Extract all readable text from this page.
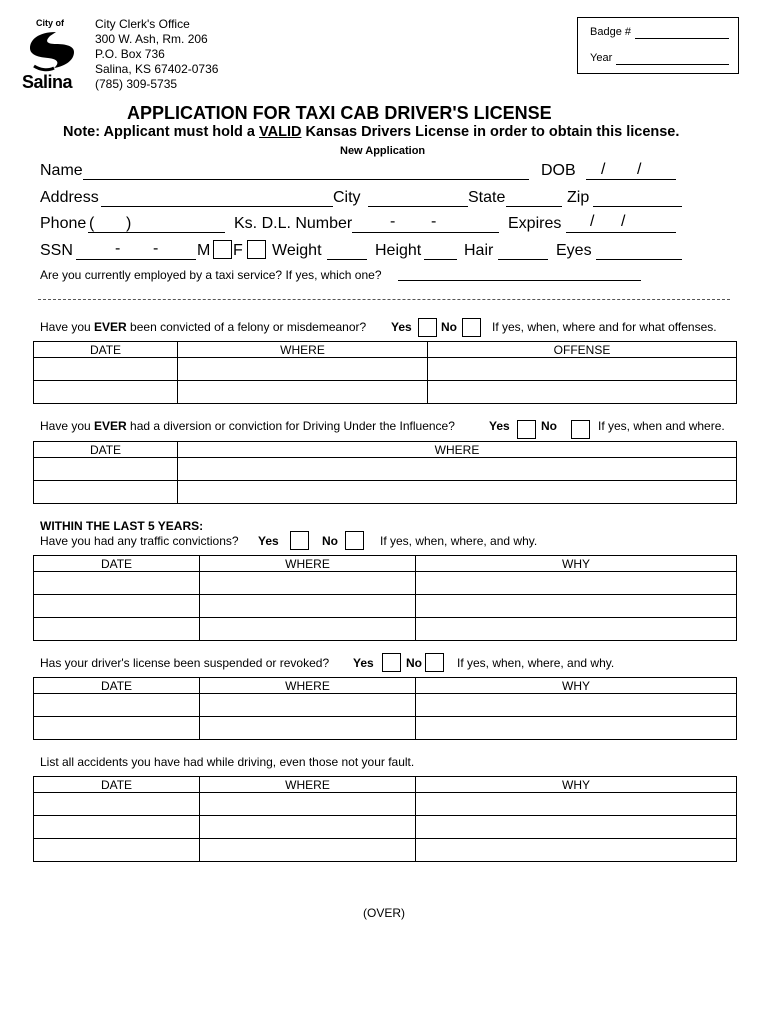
City of
Salina
City Clerk's Office
300 W. Ash, Rm. 206
P.O. Box 736
Salina, KS 67402-0736
(785) 309-5735
Badge #
Year
APPLICATION FOR TAXI CAB DRIVER'S LICENSE
Note: Applicant must hold a VALID Kansas Drivers License in order to obtain this license.
New Application
Name	DOB / /
Address	City	State	Zip
Phone ( )	Ks. D.L. Number - -	Expires / /
SSN	- - M F Weight	Height	Hair	Eyes
Are you currently employed by a taxi service? If yes, which one?
Have you EVER been convicted of a felony or misdemeanor? Yes No	If yes, when, where and for what offenses.
DATE	WHERE	OFFENSE

Have you EVER had a diversion or conviction for Driving Under the Influence?	Yes	No	If yes, when and where.
DATE	WHERE

WITHIN THE LAST 5 YEARS:
Have you had any traffic convictions? Yes	No	If yes, when, where, and why.
DATE	WHERE	WHY

Has your driver's license been suspended or revoked? Yes	No	If yes, when, where, and why.
DATE	WHERE	WHY

List all accidents you have had while driving, even those not your fault.
DATE	WHERE	WHY

(OVER)
